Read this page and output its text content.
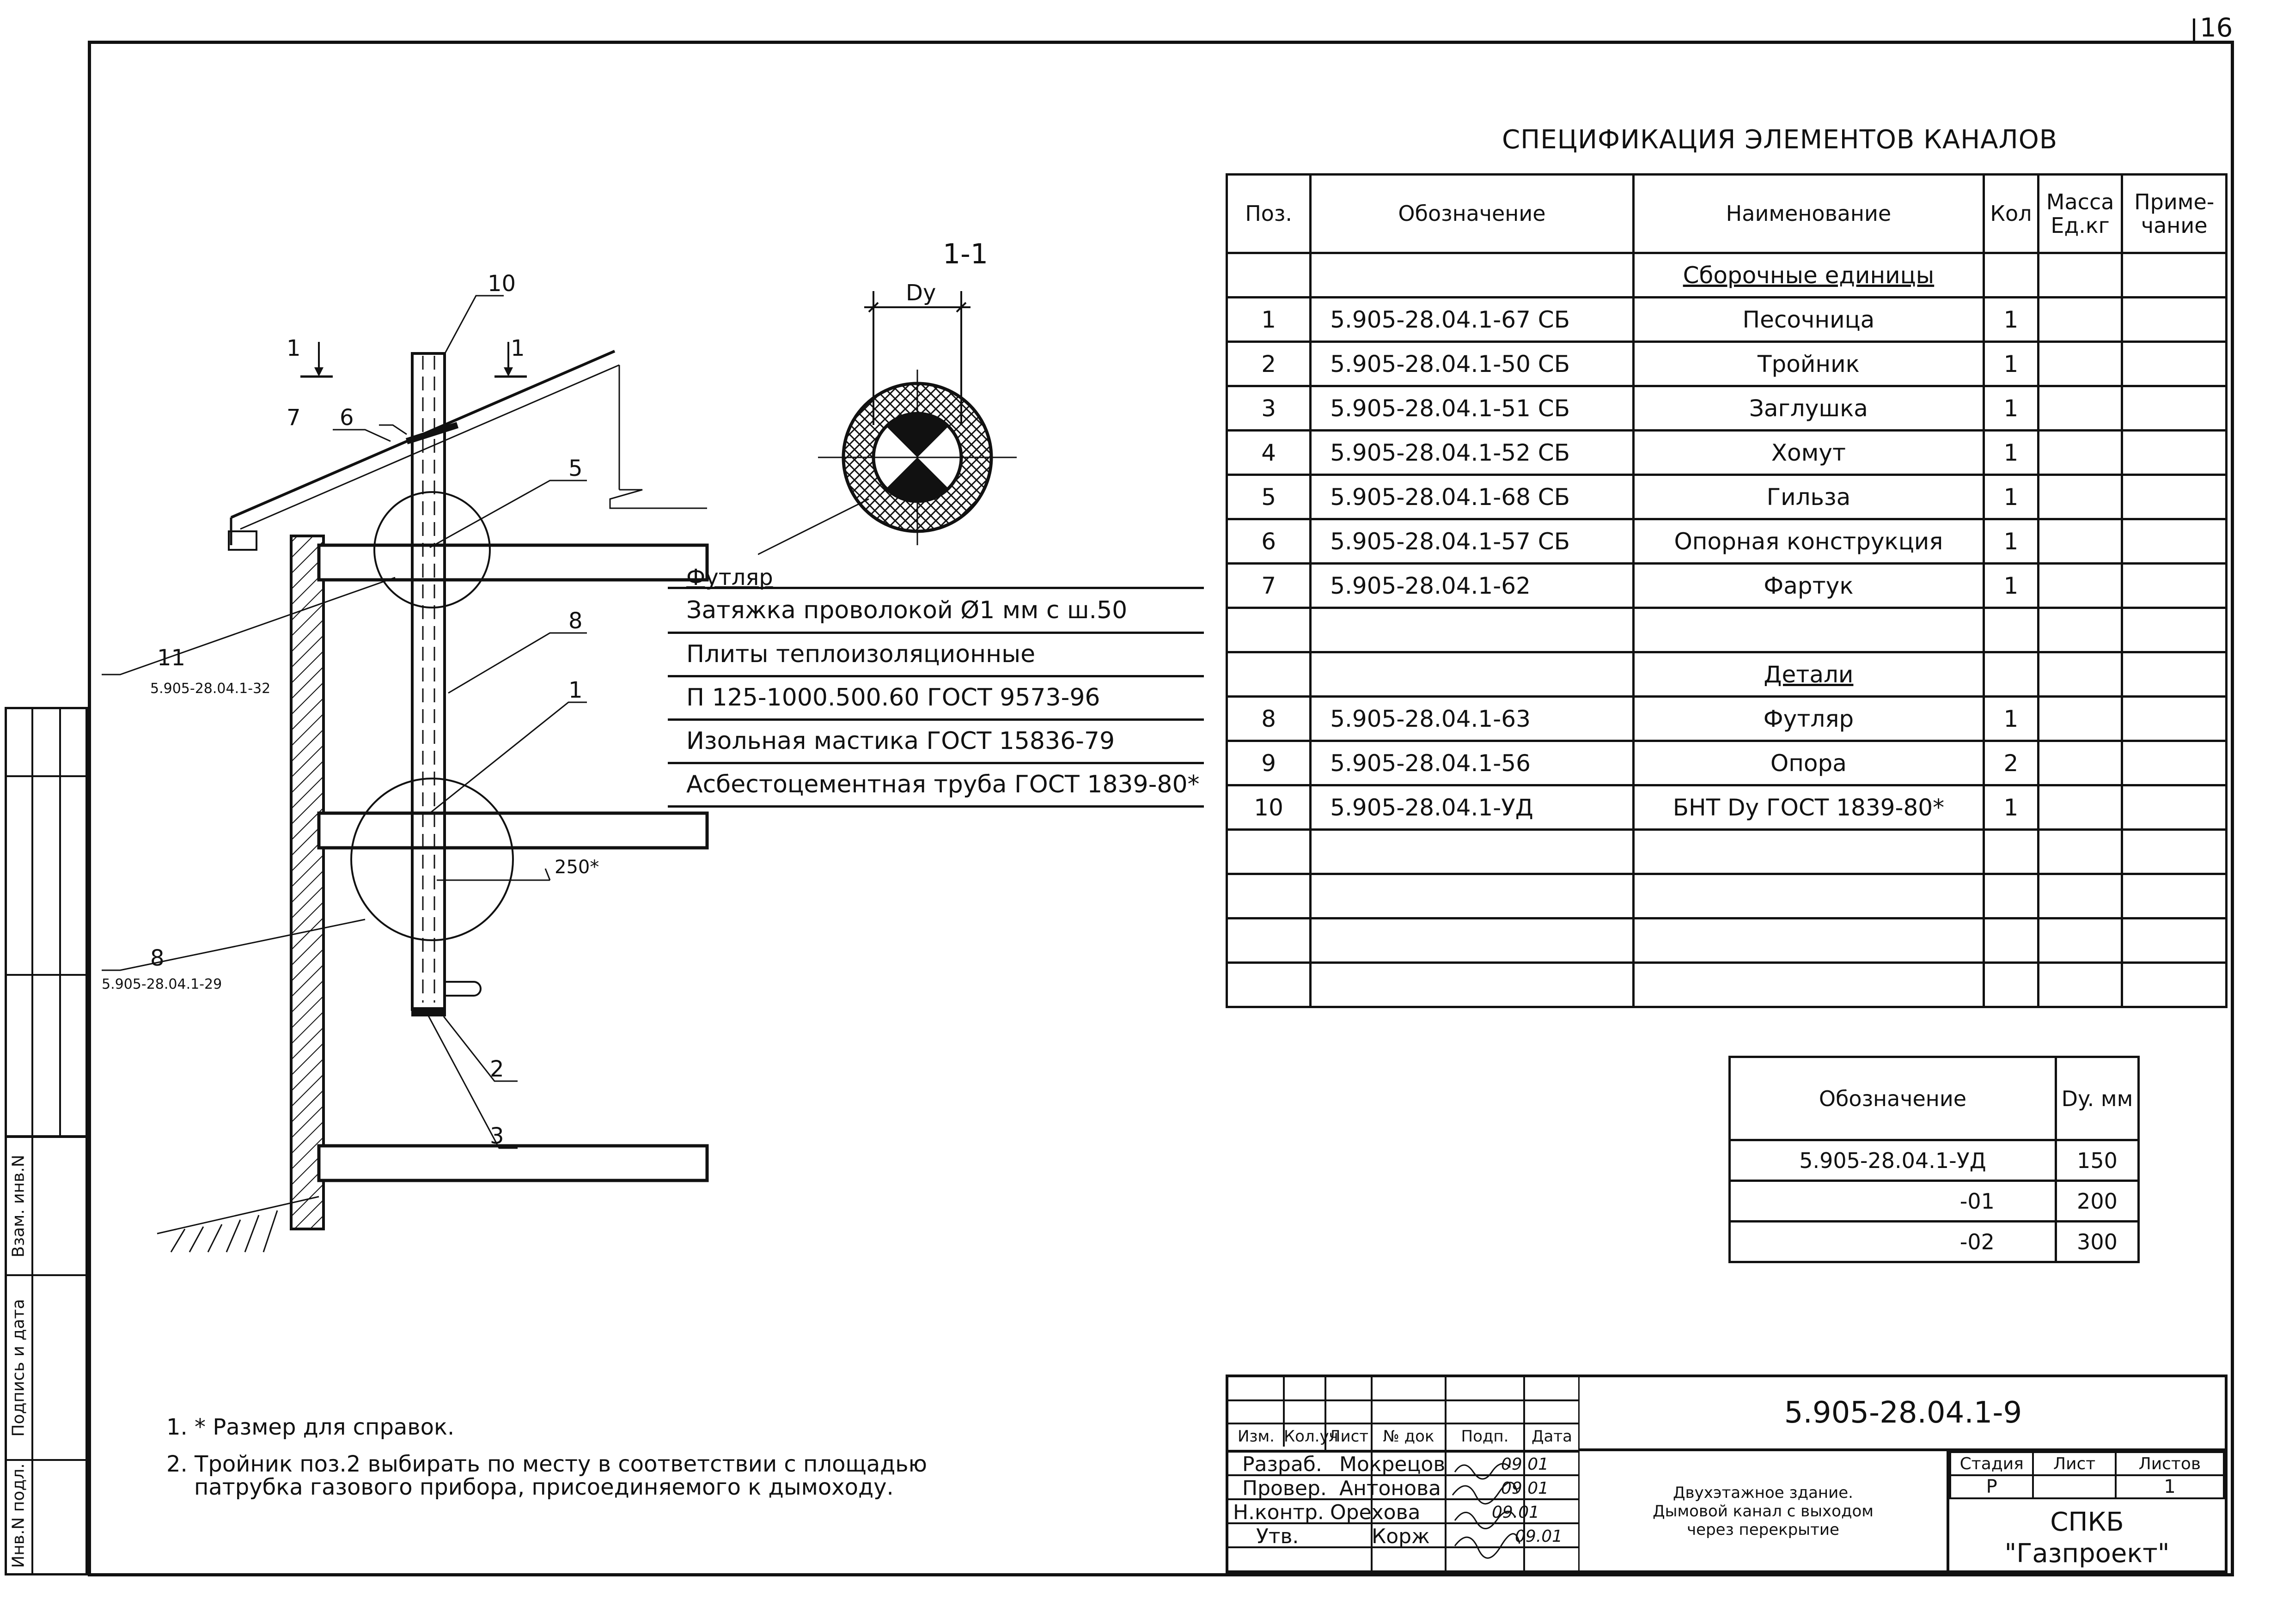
16
Взам. инв.N
Подпись и дата
Инв.N подл.
10
1	1
7 6
5
8
1
2
3
11
5.905-28.04.1-32
8
5.905-28.04.1-29
250*
1-1
Dy
Футляр
Затяжка проволокой Ø1 мм с ш.50
Плиты теплоизоляционные
П 125-1000.500.60 ГОСТ 9573-96
Изольная мастика ГОСТ 15836-79
Асбестоцементная труба ГОСТ 1839-80*
СПЕЦИФИКАЦИЯ ЭЛЕМЕНТОВ КАНАЛОВ
Поз.	Обозначение	Наименование	Кол	Масса Ед.кг	Приме-чание
		Сборочные единицы			
1	5.905-28.04.1-67 СБ	Песочница	1		
2	5.905-28.04.1-50 СБ	Тройник	1		
3	5.905-28.04.1-51 СБ	Заглушка	1		
4	5.905-28.04.1-52 СБ	Хомут	1		
5	5.905-28.04.1-68 СБ	Гильза	1		
6	5.905-28.04.1-57 СБ	Опорная конструкция	1		
7	5.905-28.04.1-62	Фартук	1		

		Детали			
8	5.905-28.04.1-63	Футляр	1		
9	5.905-28.04.1-56	Опора	2		
10	5.905-28.04.1-УД	БНТ Dy ГОСТ 1839-80*	1		

Обозначение	Dy. мм
5.905-28.04.1-УД	150
-01	200
-02	300
1. * Размер для справок.
2. Тройник поз.2 выбирать по месту в соответствии с площадью
патрубка газового прибора, присоединяемого к дымоходу.
Изм. Кол.уч
Лист № док	Подп.	Дата
Разраб. Мокрецов	09.01
Провер. Антонова	09.01
Н.контр. Орехова	09.01
Утв.	Корж	09.01
5.905-28.04.1-9
Двухэтажное здание.
Дымовой канал с выходом
через перекрытие
Стадия	Лист	Листов
Р		1
СПКБ
"Газпроект"
